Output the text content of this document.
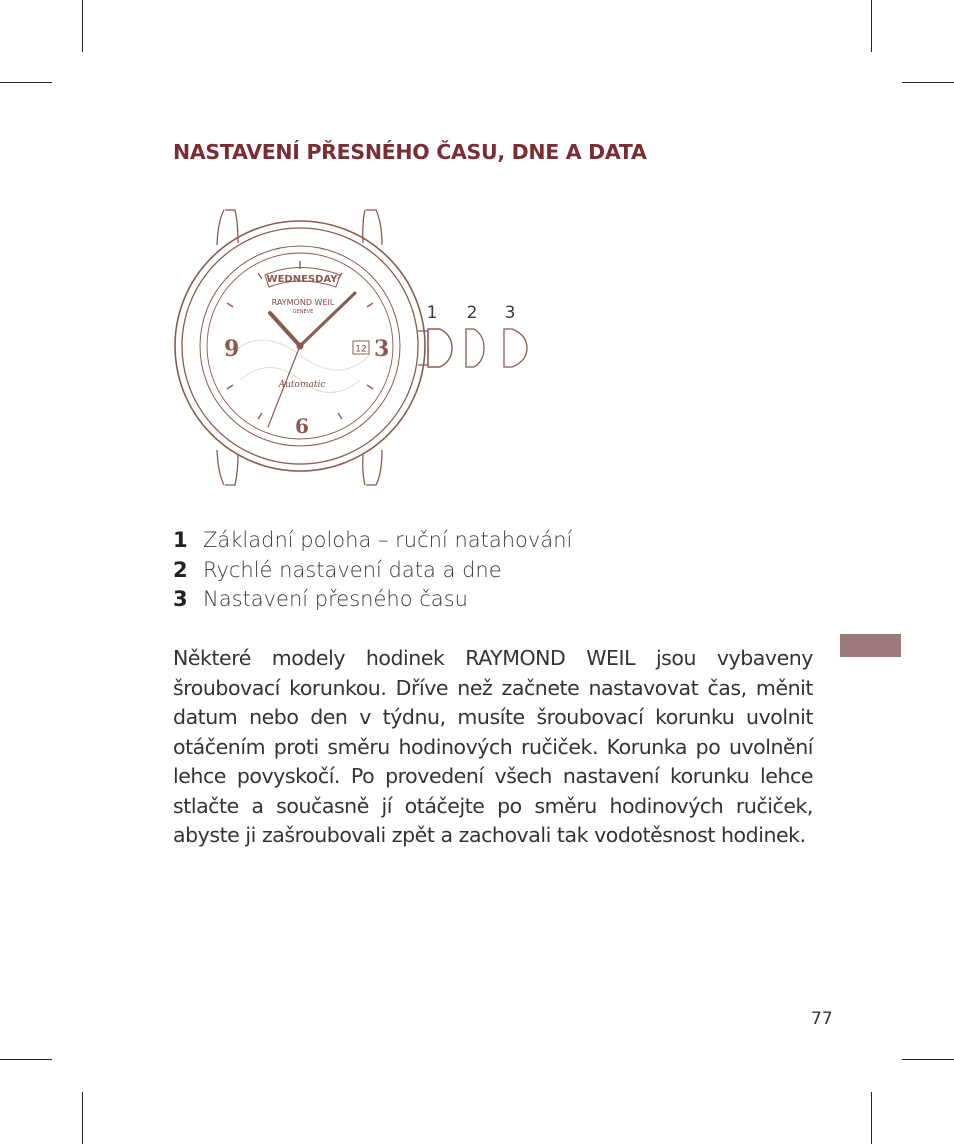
NASTAVENÍ PŘESNÉHO ČASU, DNE A DATA
WEDNESDAY
RAYMOND WEIL
GENEVE
9	3
6
12
Automatic
1 2 3
1 Základní poloha – ruční natahování
2 Rychlé nastavení data a dne
3 Nastavení přesného času

Některé modely hodinek RAYMOND WEIL jsou vybaveny šroubovací korunkou. Dříve než začnete nastavovat čas, měnit datum nebo den v týdnu, musíte šroubovací korunku uvolnit otáčením proti směru hodinových ručiček. Korunka po uvolnění lehce povyskočí. Po provedení všech nastavení korunku lehce stlačte a současně jí otáčejte po směru hodinových ručiček, abyste ji zašroubovali zpět a zachovali tak vodotěsnost hodinek.

77
